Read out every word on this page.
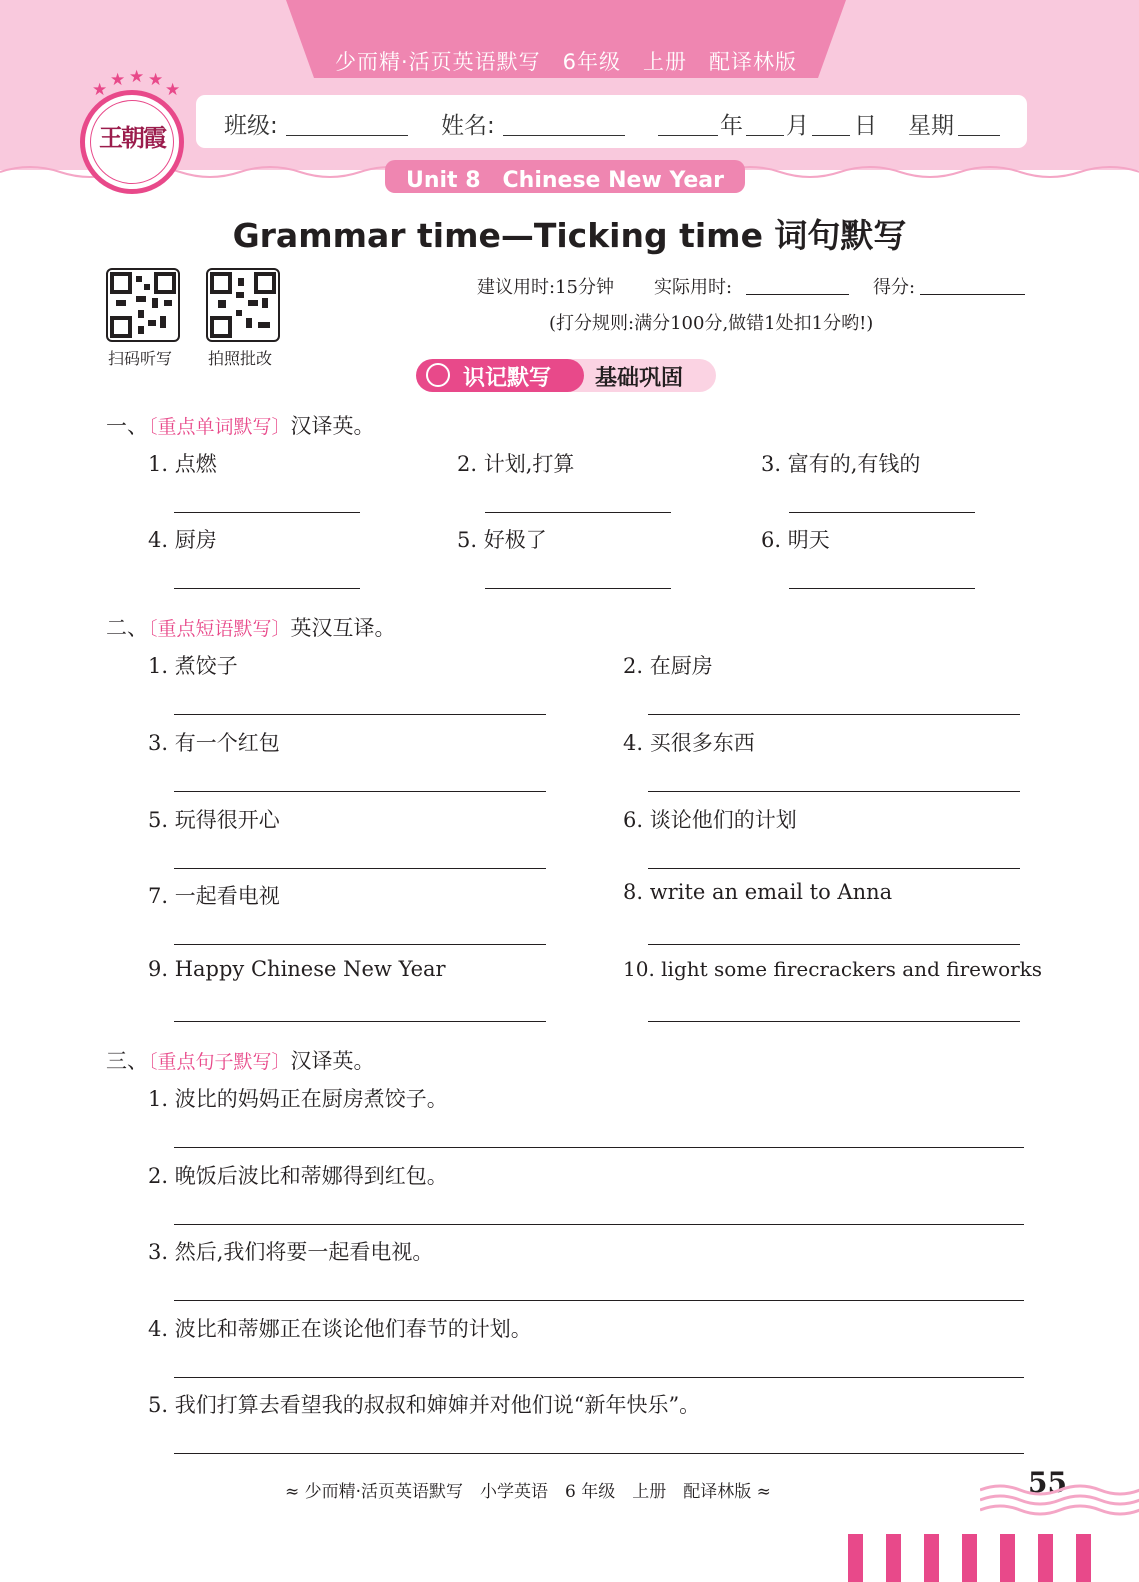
少而精·活页英语默写　6年级　上册　配译林版
王朝霞
★ ★ ★ ★ ★
班级:	姓名:	年 月 日 星期
Unit 8　Chinese New Year
Grammar time—Ticking time 词句默写
扫码听写 拍照批改
建议用时:15分钟 实际用时:	得分:
(打分规则:满分100分,做错1处扣1分哟!)
识记默写 基础巩固
一、〔重点单词默写〕汉译英。
1. 点燃	2. 计划,打算	3. 富有的,有钱的
4. 厨房	5. 好极了	6. 明天
二、〔重点短语默写〕英汉互译。
1. 煮饺子	2. 在厨房
3. 有一个红包	4. 买很多东西
5. 玩得很开心	6. 谈论他们的计划
7. 一起看电视	8. write an email to Anna
9. Happy Chinese New Year	10. light some firecrackers and fireworks
三、〔重点句子默写〕汉译英。
1. 波比的妈妈正在厨房煮饺子。
2. 晚饭后波比和蒂娜得到红包。
3. 然后,我们将要一起看电视。
4. 波比和蒂娜正在谈论他们春节的计划。
5. 我们打算去看望我的叔叔和婶婶并对他们说“新年快乐”。
≈ 少而精·活页英语默写　小学英语　6 年级　上册　配译林版 ≈	55
